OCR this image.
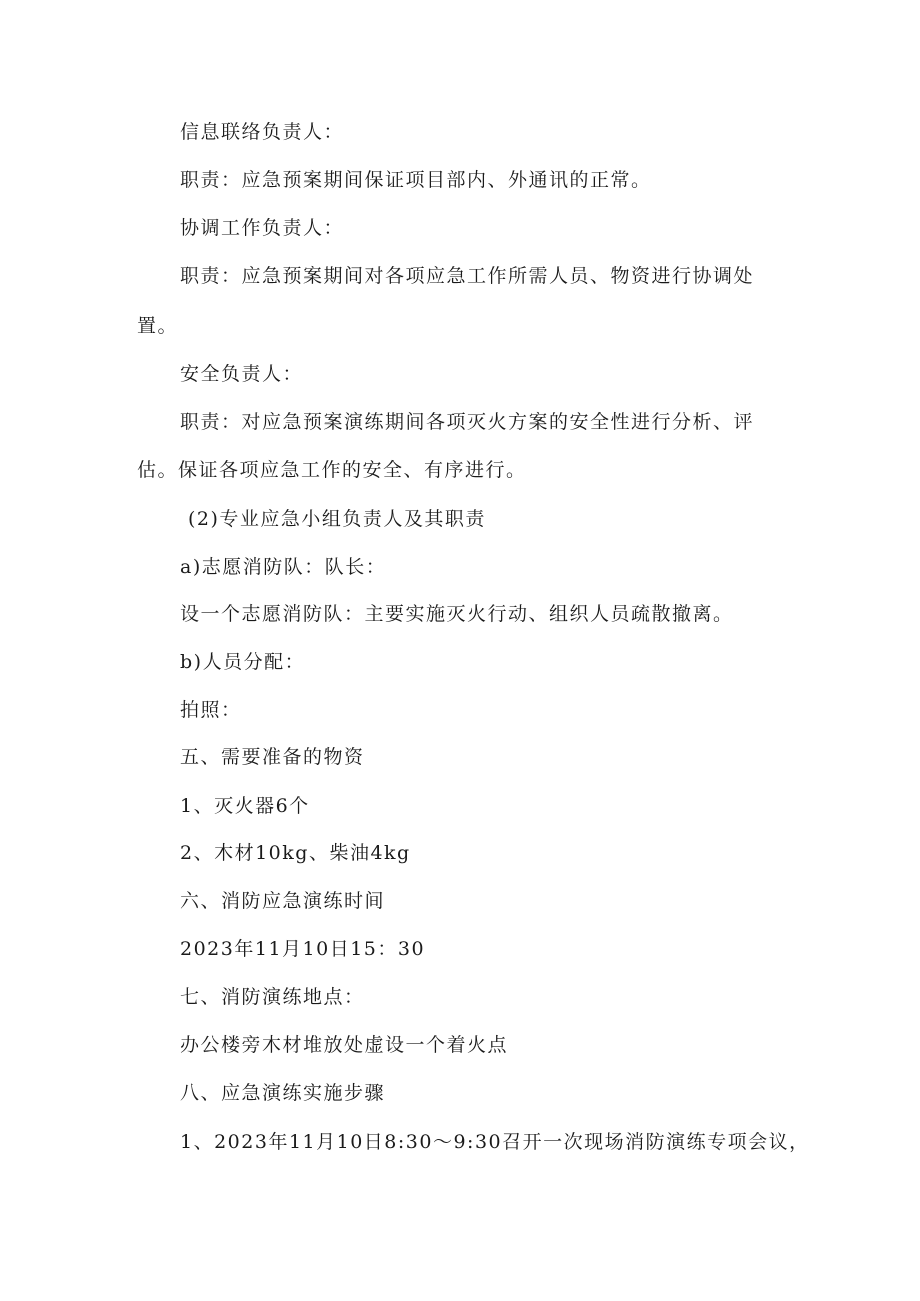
信息联络负责人：
职责：应急预案期间保证项目部内、外通讯的正常。
协调工作负责人：
职责：应急预案期间对各项应急工作所需人员、物资进行协调处
置。
安全负责人：
职责：对应急预案演练期间各项灭火方案的安全性进行分析、评
估。保证各项应急工作的安全、有序进行。
(2)专业应急小组负责人及其职责
a)志愿消防队：队长：
设一个志愿消防队：主要实施灭火行动、组织人员疏散撤离。
b)人员分配：
拍照：
五、需要准备的物资
1、灭火器6个
2、木材10kg、柴油4kg
六、消防应急演练时间
2023年11月10日15：30
七、消防演练地点：
办公楼旁木材堆放处虚设一个着火点
八、应急演练实施步骤
1、2023年11月10日8:30～9:30召开一次现场消防演练专项会议，
